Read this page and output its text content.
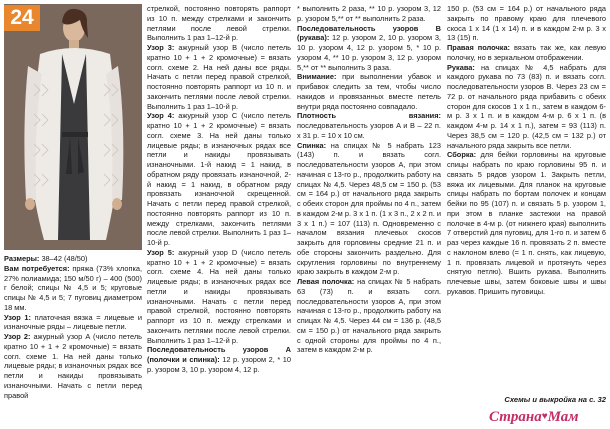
24

Размеры: 38–42 (48/50)

Вам потребуется: пряжа (73% хлопка, 27% полиамида; 150 м/50 г) – 400 (500) г белой; спицы № 4,5 и 5; круговые спицы № 4,5 и 5; 7 пуговиц диаметром 18 мм.

Узор 1: платочная вязка = лицевые и изнаночные ряды – лицевые петли.

Узор 2: ажурный узор A (число петель кратно 10 + 1 + 2 кромочные) = вязать согл. схеме 1. На ней даны только лицевые ряды; в изнаночных рядах все петли и накиды провязывать изнаночными. Начать с петли перед правой

стрелкой, постоянно повторять раппорт из 10 п. между стрелками и закончить петлями после левой стрелки. Выполнить 1 раз 1–12-й р.

Узор 3: ажурный узор B (число петель кратно 10 + 1 + 2 кромочные) = вязать согл. схеме 2. На ней даны все ряды. Начать с петли перед правой стрелкой, постоянно повторять раппорт из 10 п. и закончить петлями после левой стрелки. Выполнить 1 раз 1–10-й р.

Узор 4: ажурный узор C (число петель кратно 10 + 1 + 2 кромочные) = вязать согл. схеме 3. На ней даны только лицевые ряды; в изнаночных рядах все петли и накиды провязывать изнаночными. 1-й накид = 1 накид, в обратном ряду провязать изнаночной, 2-й накид = 1 накид, в обратном ряду провязать изнаночной скрещенной. Начать с петли перед правой стрелкой, постоянно повторять раппорт из 10 п. между стрелками, закончить петлями после левой стрелки. Выполнить 1 раз 1–10-й р.

Узор 5: ажурный узор D (число петель кратно 10 + 1 + 2 кромочные) = вязать согл. схеме 4. На ней даны только лицевые ряды; в изнаночных рядах все петли и накиды провязывать изнаночными. Начать с петли перед правой стрелкой, постоянно повторять раппорт из 10 п. между стрелками и закончить петлями после левой стрелки. Выполнить 1 раз 1–12-й р.

Последовательность узоров A (полочки и спинка): 12 р. узором 2, * 10 р. узором 3, 10 р. узором 4, 12 р.

* выполнить 2 раза, ** 10 р. узором 3, 12 р. узором 5,** от ** выполнить 2 раза.

Последовательность узоров B (рукава): 12 р. узором 2, 10 р. узором 3, 10 р. узором 4, 12 р. узором 5, * 10 р. узором 4, ** 10 р. узором 3, 12 р. узором 5,** от ** выполнить 3 раза.

Внимание: при выполнении убавок и прибавок следить за тем, чтобы число накидов и провязанных вместе петель внутри ряда постоянно совпадало.

Плотность вязания: последовательность узоров A и B – 22 п. х 31 р. = 10 х 10 см.

Спинка: на спицах № 5 набрать 123 (143) п. и вязать согл. последовательности узоров А, при этом начиная с 13-го р., продолжить работу на спицах № 4,5. Через 48,5 см = 150 р. (53 см = 164 р.) от начального ряда закрыть с обеих сторон для проймы по 4 п., затем в каждом 2-м р. 3 х 1 п. (1 х 3 п., 2 х 2 п. и 3 х 1 п.) = 107 (113) п. Одновременно с началом вязания плечевых скосов закрыть для горловины средние 21 п. и обе стороны закончить раздельно. Для скругления горловины по внутреннему краю закрыть в каждом 2-м р.

Левая полочка: на спицах № 5 набрать 63 (73) п. и вязать согл. последовательности узоров А, при этом начиная с 13-го р., продолжить работу на спицах № 4,5. Через 44 см = 136 р. (48,5 см = 150 р.) от начального ряда закрыть с одной стороны для проймы по 4 п., затем в каждом 2-м р.

150 р. (53 см = 164 р.) от начального ряда закрыть по правому краю для плечевого скоса 1 х 14 (1 х 14) п. и в каждом 2-м р. 3 х 13 (15) п.

Правая полочка: вязать так же, как левую полочку, но в зеркальном отображении.

Рукава: на спицах № 4,5 набрать для каждого рукава по 73 (83) п. и вязать согл. последовательности узоров В. Через 23 см = 72 р. от начального ряда прибавить с обеих сторон для скосов 1 х 1 п., затем в каждом 6-м р. 3 х 1 п. и в каждом 4-м р. 6 х 1 п. (в каждом 4-м р. 14 х 1 п.), затем = 93 (113) п. Через 38,5 см = 120 р. (42,5 см = 132 р.) от начального ряда закрыть все петли.

Сборка: для бейки горловины на круговые спицы набрать по краю горловины 95 п. и связать 5 рядов узором 1. Закрыть петли, вяжа их лицевыми. Для планок на круговые спицы набрать по бортам полочек и концам бейки по 95 (107) п. и связать 5 р. узором 1, при этом в планке застежки на правой полочке в 4-м р. (от нижнего края) выполнить 7 отверстий для пуговиц, для 1-го п. и затем 6 раз через каждые 16 п. провязать 2 п. вместе с наклоном влево (= 1 п. снять, как лицевую, 1 п. провязать лицевой и протянуть через снятую петлю). Вшить рукава. Выполнить плечевые швы, затем боковые швы и швы рукавов. Пришить пуговицы.

Схемы и выкройка на с. 32
Страна♥Мам
